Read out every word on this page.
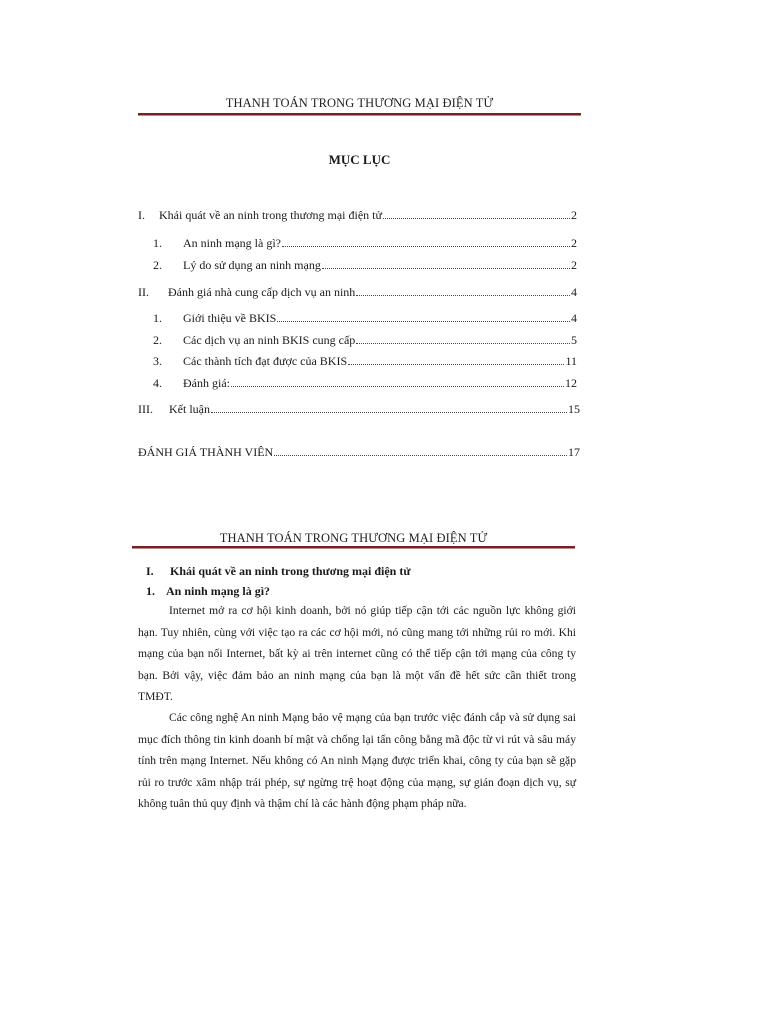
THANH TOÁN TRONG THƯƠNG MẠI ĐIỆN TỬ
MỤC LỤC
I.	Khái quát về an ninh trong thương mại điện tử	2
1.	An ninh mạng là gì?	2
2.	Lý do sử dụng an ninh mạng	2
II.	Đánh giá nhà cung cấp dịch vụ an ninh	4
1.	Giới thiệu về BKIS	4
2.	Các dịch vụ an ninh BKIS cung cấp	5
3.	Các thành tích đạt được của BKIS	11
4.	Đánh giá:	12
III.	Kết luận	15
ĐÁNH GIÁ THÀNH VIÊN	17
THANH TOÁN TRONG THƯƠNG MẠI ĐIỆN TỬ
I. Khái quát về an ninh trong thương mại điện tử
1. An ninh mạng là gì?

Internet mở ra cơ hội kinh doanh, bởi nó giúp tiếp cận tới các nguồn lực không giới hạn. Tuy nhiên, cùng với việc tạo ra các cơ hội mới, nó cũng mang tới những rủi ro mới. Khi mạng của bạn nối Internet, bất kỳ ai trên internet cũng có thể tiếp cận tới mạng của công ty bạn. Bởi vậy, việc đảm bảo an ninh mạng của bạn là một vấn đề hết sức cần thiết trong TMĐT.

Các công nghệ An ninh Mạng bảo vệ mạng của bạn trước việc đánh cắp và sử dụng sai mục đích thông tin kinh doanh bí mật và chống lại tấn công bằng mã độc từ vi rút và sâu máy tính trên mạng Internet. Nếu không có An ninh Mạng được triển khai, công ty của bạn sẽ gặp rủi ro trước xâm nhập trái phép, sự ngừng trệ hoạt động của mạng, sự gián đoạn dịch vụ, sự không tuân thủ quy định và thậm chí là các hành động phạm pháp nữa.
